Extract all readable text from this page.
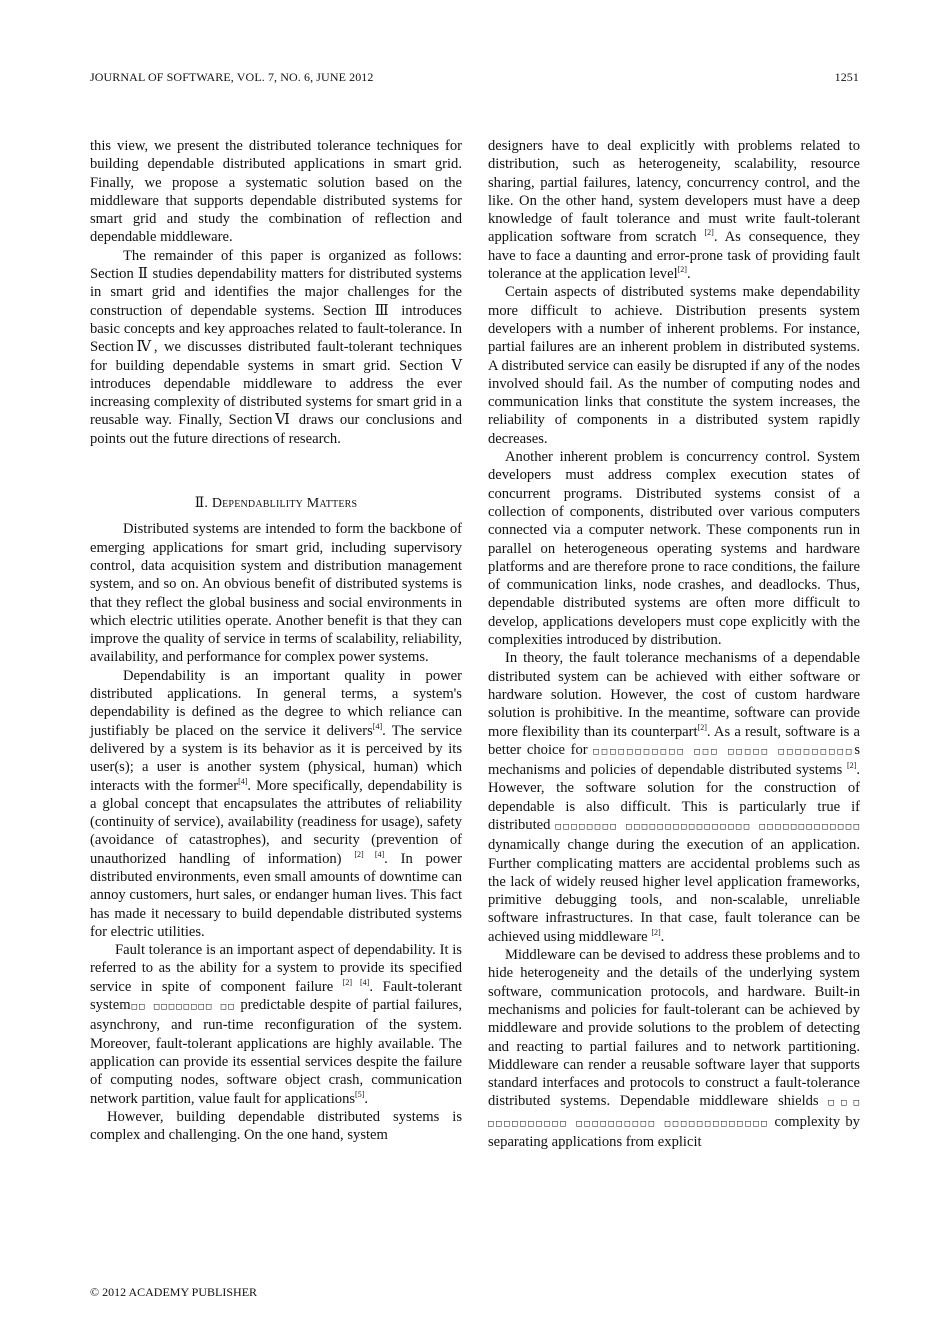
JOURNAL OF SOFTWARE, VOL. 7, NO. 6, JUNE 2012	1251

this view, we present the distributed tolerance techniques for building dependable distributed applications in smart grid. Finally, we propose a systematic solution based on the middleware that supports dependable distributed systems for smart grid and study the combination of reflection and dependable middleware.

The remainder of this paper is organized as follows: Section Ⅱ studies dependability matters for distributed systems in smart grid and identifies the major challenges for the construction of dependable systems. Section Ⅲ introduces basic concepts and key approaches related to fault-tolerance. In SectionⅣ, we discusses distributed fault-tolerant techniques for building dependable systems in smart grid. Section Ⅴ introduces dependable middleware to address the ever increasing complexity of distributed systems for smart grid in a reusable way. Finally, SectionⅥ draws our conclusions and points out the future directions of research.

Ⅱ. Dependablility Matters

Distributed systems are intended to form the backbone of emerging applications for smart grid, including supervisory control, data acquisition system and distribution management system, and so on. An obvious benefit of distributed systems is that they reflect the global business and social environments in which electric utilities operate. Another benefit is that they can improve the quality of service in terms of scalability, reliability, availability, and performance for complex power systems.

Dependability is an important quality in power distributed applications. In general terms, a system's dependability is defined as the degree to which reliance can justifiably be placed on the service it delivers[4]. The service delivered by a system is its behavior as it is perceived by its user(s); a user is another system (physical, human) which interacts with the former[4]. More specifically, dependability is a global concept that encapsulates the attributes of reliability (continuity of service), availability (readiness for usage), safety (avoidance of catastrophes), and security (prevention of unauthorized handling of information) [2] [4]. In power distributed environments, even small amounts of downtime can annoy customers, hurt sales, or endanger human lives. This fact has made it necessary to build dependable distributed systems for electric utilities.

Fault tolerance is an important aspect of dependability. It is referred to as the ability for a system to provide its specified service in spite of component failure [2] [4]. Fault-tolerant system□□ □□□□□□□□ □□ predictable despite of partial failures, asynchrony, and run-time reconfiguration of the system. Moreover, fault-tolerant applications are highly available. The application can provide its essential services despite the failure of computing nodes, software object crash, communication network partition, value fault for applications[5].

However, building dependable distributed systems is complex and challenging. On the one hand, system

designers have to deal explicitly with problems related to distribution, such as heterogeneity, scalability, resource sharing, partial failures, latency, concurrency control, and the like. On the other hand, system developers must have a deep knowledge of fault tolerance and must write fault-tolerant application software from scratch [2]. As consequence, they have to face a daunting and error-prone task of providing fault tolerance at the application level[2].

Certain aspects of distributed systems make dependability more difficult to achieve. Distribution presents system developers with a number of inherent problems. For instance, partial failures are an inherent problem in distributed systems. A distributed service can easily be disrupted if any of the nodes involved should fail. As the number of computing nodes and communication links that constitute the system increases, the reliability of components in a distributed system rapidly decreases.

Another inherent problem is concurrency control. System developers must address complex execution states of concurrent programs. Distributed systems consist of a collection of components, distributed over various computers connected via a computer network. These components run in parallel on heterogeneous operating systems and hardware platforms and are therefore prone to race conditions, the failure of communication links, node crashes, and deadlocks. Thus, dependable distributed systems are often more difficult to develop, applications developers must cope explicitly with the complexities introduced by distribution.

In theory, the fault tolerance mechanisms of a dependable distributed system can be achieved with either software or hardware solution. However, the cost of custom hardware solution is prohibitive. In the meantime, software can provide more flexibility than its counterpart[2]. As a result, software is a better choice for □□□□□□□□□□□ □□□ □□□□□ □□□□□□□□□s mechanisms and policies of dependable distributed systems [2]. However, the software solution for the construction of dependable is also difficult. This is particularly true if distributed □□□□□□□□ □□□□□□□□□□□□□□□□ □□□□□□□□□□□□□ dynamically change during the execution of an application. Further complicating matters are accidental problems such as the lack of widely reused higher level application frameworks, primitive debugging tools, and non-scalable, unreliable software infrastructures. In that case, fault tolerance can be achieved using middleware [2].

Middleware can be devised to address these problems and to hide heterogeneity and the details of the underlying system software, communication protocols, and hardware. Built-in mechanisms and policies for fault-tolerant can be achieved by middleware and provide solutions to the problem of detecting and reacting to partial failures and to network partitioning. Middleware can render a reusable software layer that supports standard interfaces and protocols to construct a fault-tolerance distributed systems. Dependable middleware shields □□□ □□□□□□□□□□ □□□□□□□□□□ □□□□□□□□□□□□□ complexity by separating applications from explicit

© 2012 ACADEMY PUBLISHER
